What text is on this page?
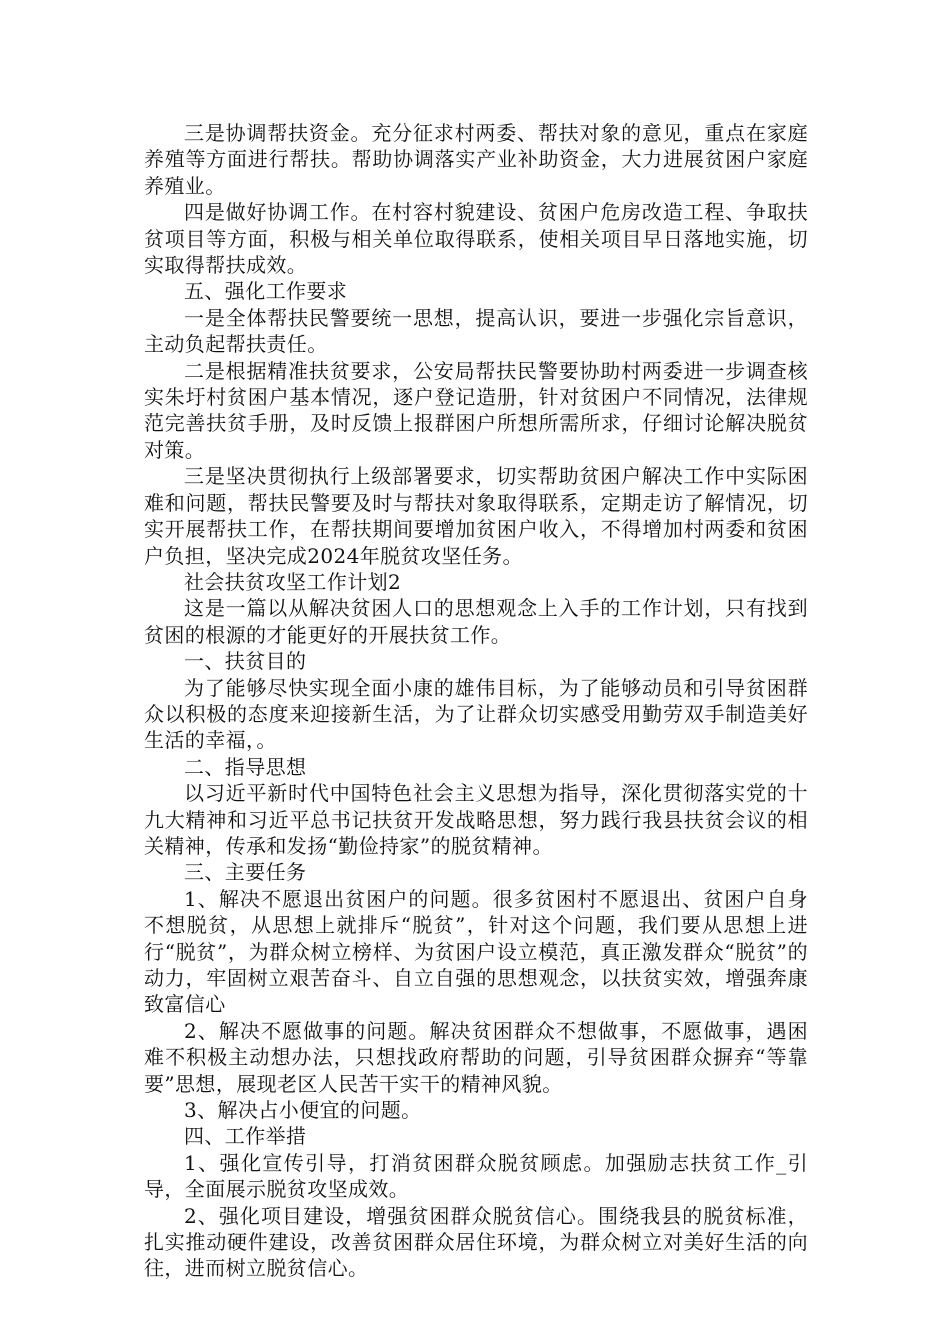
三是协调帮扶资金。充分征求村两委、帮扶对象的意见，重点在家庭养殖等方面进行帮扶。帮助协调落实产业补助资金，大力进展贫困户家庭养殖业。

四是做好协调工作。在村容村貌建设、贫困户危房改造工程、争取扶贫项目等方面，积极与相关单位取得联系，使相关项目早日落地实施，切实取得帮扶成效。

五、强化工作要求

一是全体帮扶民警要统一思想，提高认识，要进一步强化宗旨意识，主动负起帮扶责任。

二是根据精准扶贫要求，公安局帮扶民警要协助村两委进一步调查核实朱圩村贫困户基本情况，逐户登记造册，针对贫困户不同情况，法律规范完善扶贫手册，及时反馈上报群困户所想所需所求，仔细讨论解决脱贫对策。

三是坚决贯彻执行上级部署要求，切实帮助贫困户解决工作中实际困难和问题，帮扶民警要及时与帮扶对象取得联系，定期走访了解情况，切实开展帮扶工作，在帮扶期间要增加贫困户收入，不得增加村两委和贫困户负担，坚决完成2024年脱贫攻坚任务。

社会扶贫攻坚工作计划2

这是一篇以从解决贫困人口的思想观念上入手的工作计划，只有找到贫困的根源的才能更好的开展扶贫工作。

一、扶贫目的

为了能够尽快实现全面小康的雄伟目标，为了能够动员和引导贫困群众以积极的态度来迎接新生活，为了让群众切实感受用勤劳双手制造美好生活的幸福，。

二、指导思想

以习近平新时代中国特色社会主义思想为指导，深化贯彻落实党的十九大精神和习近平总书记扶贫开发战略思想，努力践行我县扶贫会议的相关精神，传承和发扬“勤俭持家”的脱贫精神。

三、主要任务

1、解决不愿退出贫困户的问题。很多贫困村不愿退出、贫困户自身不想脱贫，从思想上就排斥“脱贫”，针对这个问题，我们要从思想上进行“脱贫”，为群众树立榜样、为贫困户设立模范，真正激发群众“脱贫”的动力，牢固树立艰苦奋斗、自立自强的思想观念，以扶贫实效，增强奔康致富信心

2、解决不愿做事的问题。解决贫困群众不想做事，不愿做事，遇困难不积极主动想办法，只想找政府帮助的问题，引导贫困群众摒弃“等靠要”思想，展现老区人民苦干实干的精神风貌。

3、解决占小便宜的问题。

四、工作举措

1、强化宣传引导，打消贫困群众脱贫顾虑。加强励志扶贫工作_引导，全面展示脱贫攻坚成效。

2、强化项目建设，增强贫困群众脱贫信心。围绕我县的脱贫标准，扎实推动硬件建设，改善贫困群众居住环境，为群众树立对美好生活的向往，进而树立脱贫信心。
